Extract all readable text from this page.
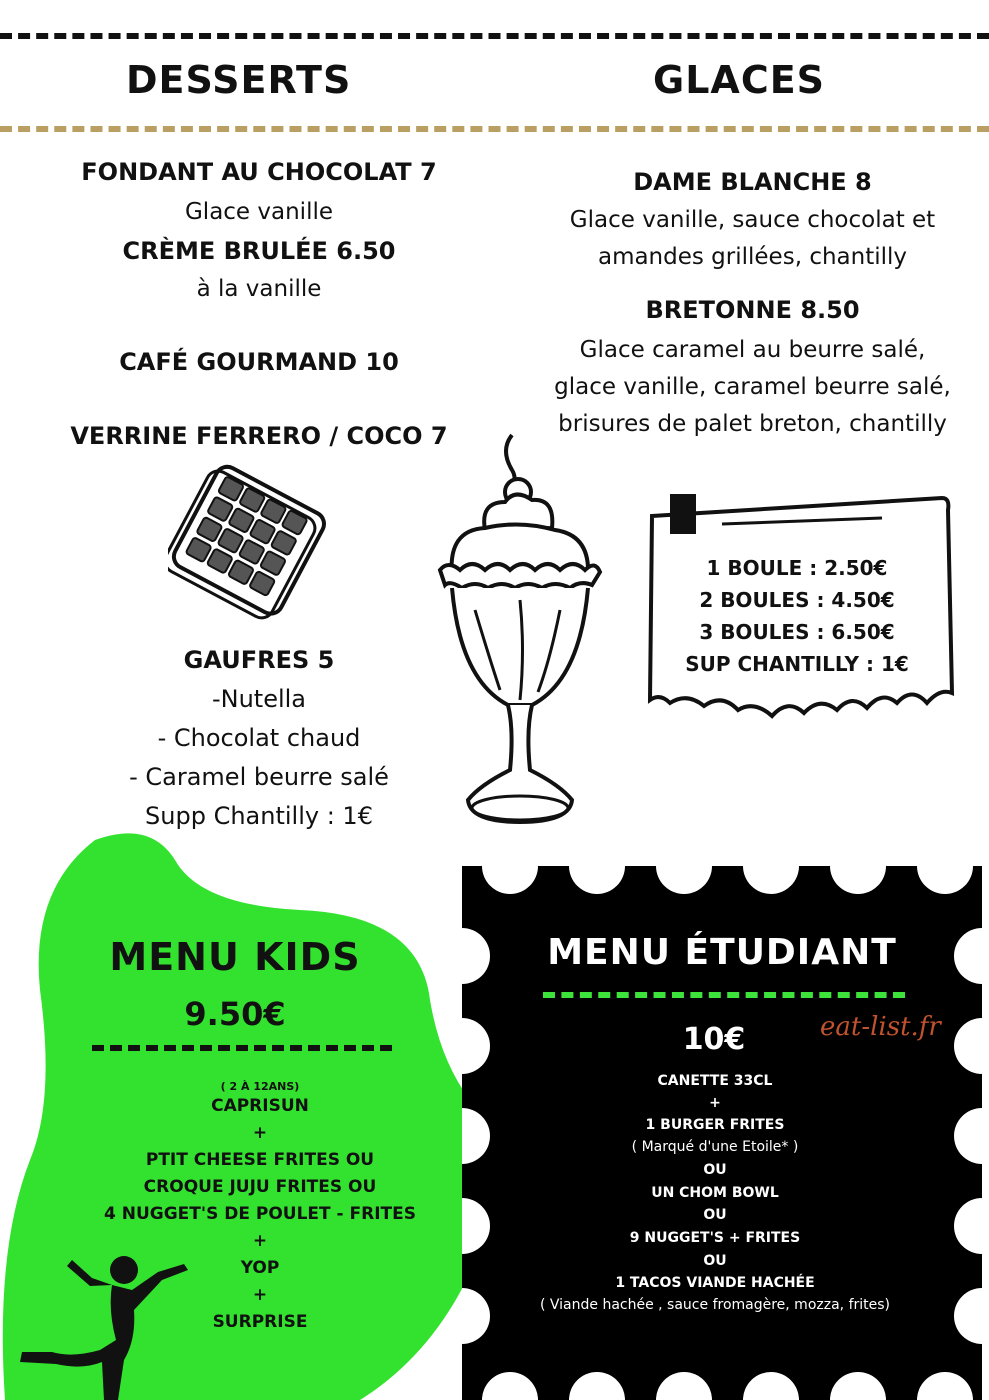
DESSERTS	GLACES
FONDANT AU CHOCOLAT 7
Glace vanille
CRÈME BRULÉE 6.50
à la vanille
CAFÉ GOURMAND 10
VERRINE FERRERO / COCO 7
GAUFRES 5
-Nutella
- Chocolat chaud
- Caramel beurre salé
Supp Chantilly : 1€
DAME BLANCHE 8
Glace vanille, sauce chocolat et
amandes grillées, chantilly
BRETONNE 8.50
Glace caramel au beurre salé,
glace vanille, caramel beurre salé,
brisures de palet breton, chantilly
1 BOULE : 2.50€
2 BOULES : 4.50€
3 BOULES : 6.50€
SUP CHANTILLY : 1€
MENU KIDS
9.50€
( 2 À 12ANS)
CAPRISUN
+
PTIT CHEESE FRITES OU
CROQUE JUJU FRITES OU
4 NUGGET'S DE POULET - FRITES
+
YOP
+
SURPRISE
MENU ÉTUDIANT
10€	eat-list.fr
CANETTE 33CL
+
1 BURGER FRITES
( Marqué d'une Etoile* )
OU
UN CHOM BOWL
OU
9 NUGGET'S + FRITES
OU
1 TACOS VIANDE HACHÉE
( Viande hachée , sauce fromagère, mozza, frites)
